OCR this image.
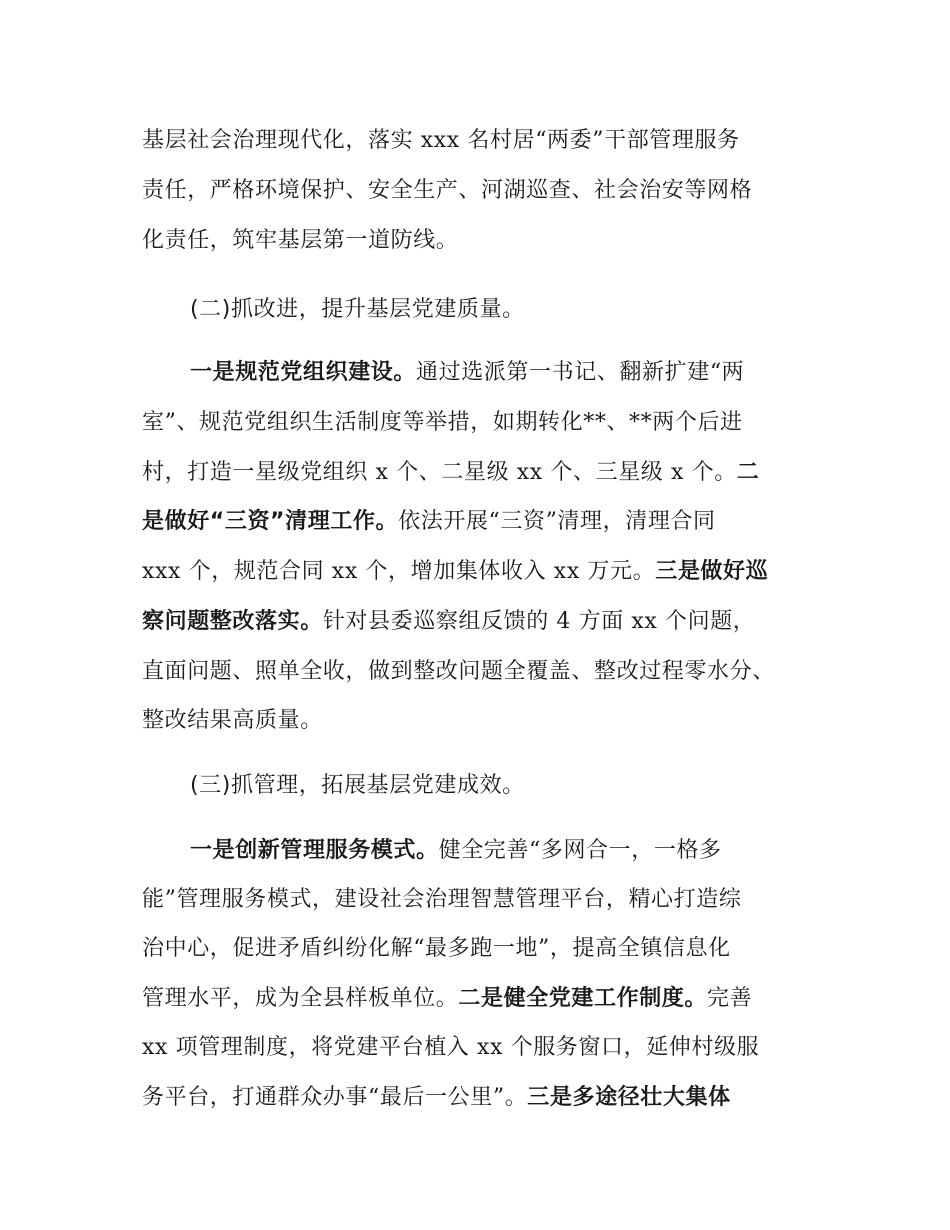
基层社会治理现代化，落实 xxx 名村居“两委”干部管理服务
责任，严格环境保护、安全生产、河湖巡查、社会治安等网格
化责任，筑牢基层第一道防线。
(二)抓改进，提升基层党建质量。
一是规范党组织建设。通过选派第一书记、翻新扩建“两
室”、规范党组织生活制度等举措，如期转化**、**两个后进
村，打造一星级党组织 x 个、二星级 xx 个、三星级 x 个。二
是做好“三资”清理工作。依法开展“三资”清理，清理合同
xxx 个，规范合同 xx 个，增加集体收入 xx 万元。三是做好巡
察问题整改落实。针对县委巡察组反馈的 4 方面 xx 个问题，
直面问题、照单全收，做到整改问题全覆盖、整改过程零水分、
整改结果高质量。
(三)抓管理，拓展基层党建成效。
一是创新管理服务模式。健全完善“多网合一，一格多
能”管理服务模式，建设社会治理智慧管理平台，精心打造综
治中心，促进矛盾纠纷化解“最多跑一地”，提高全镇信息化
管理水平，成为全县样板单位。二是健全党建工作制度。完善
xx 项管理制度，将党建平台植入 xx 个服务窗口，延伸村级服
务平台，打通群众办事“最后一公里”。三是多途径壮大集体
